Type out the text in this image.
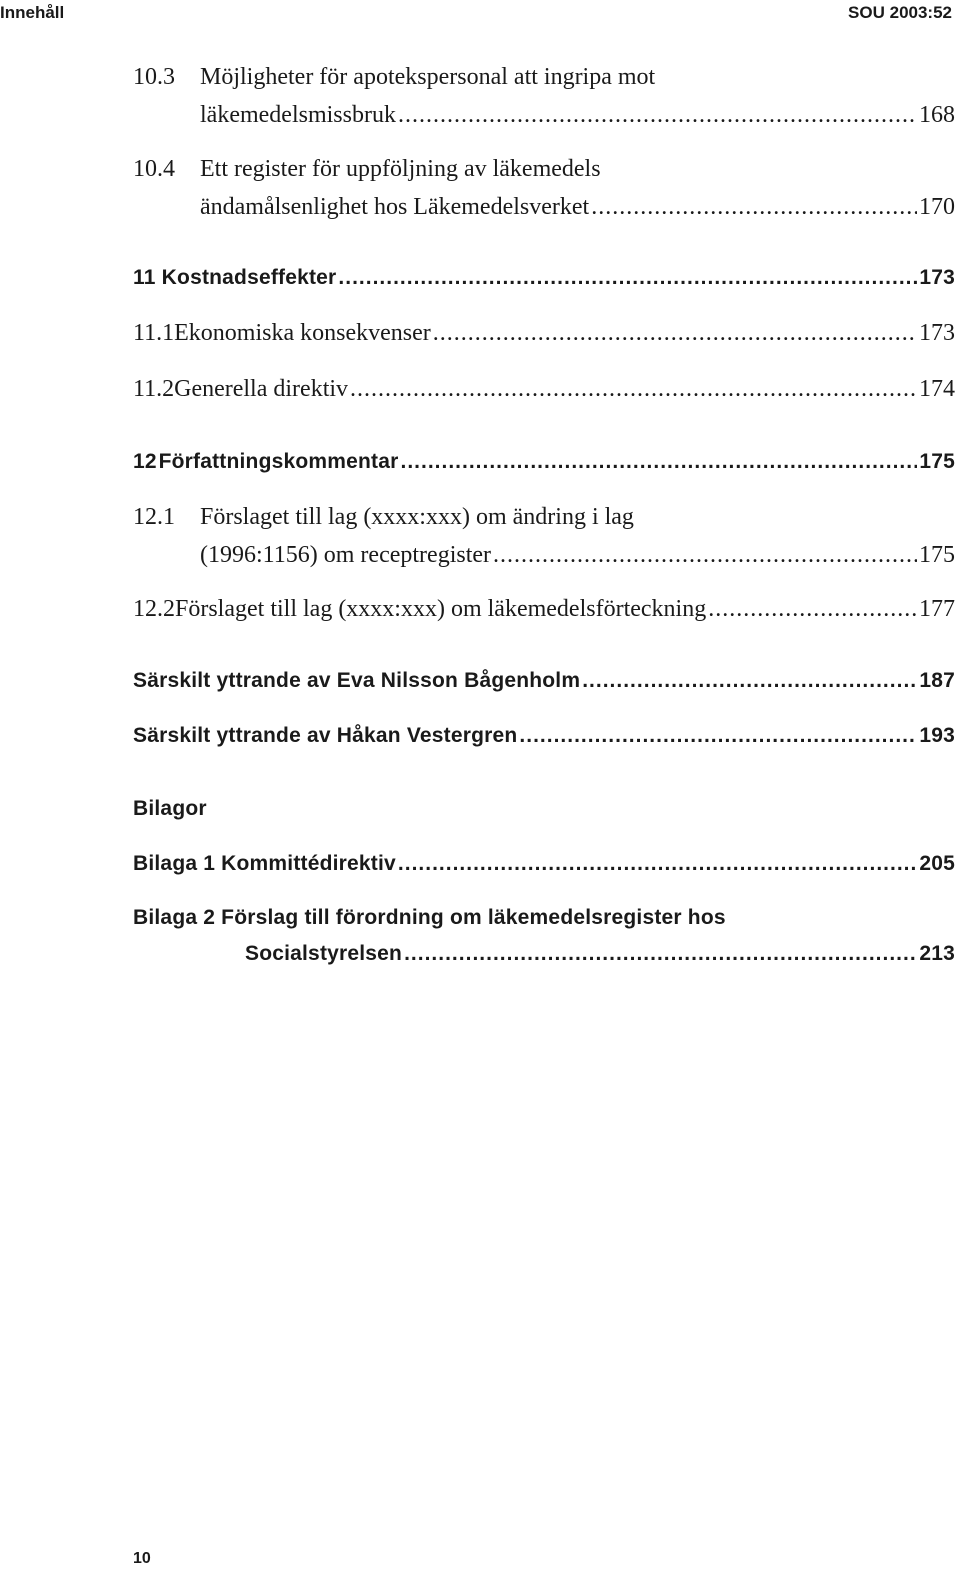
Innehåll	SOU 2003:52
10.3	Möjligheter för apotekspersonal att ingripa mot
läkemedelsmissbruk .....	168
10.4	Ett register för uppföljning av läkemedels
ändamålsenlighet hos Läkemedelsverket .....	170
11 Kostnadseffekter .....	173
11.1 Ekonomiska konsekvenser .....	173
11.2 Generella direktiv .....	174
12 Författningskommentar .....	175
12.1	Förslaget till lag (xxxx:xxx) om ändring i lag
(1996:1156) om receptregister .....	175
12.2 Förslaget till lag (xxxx:xxx) om läkemedelsförteckning .....	177
Särskilt yttrande av Eva Nilsson Bågenholm .....	187
Särskilt yttrande av Håkan Vestergren .....	193
Bilagor
Bilaga 1 Kommittédirektiv .....	205
Bilaga 2 Förslag till förordning om läkemedelsregister hos
Socialstyrelsen .....	213
10
